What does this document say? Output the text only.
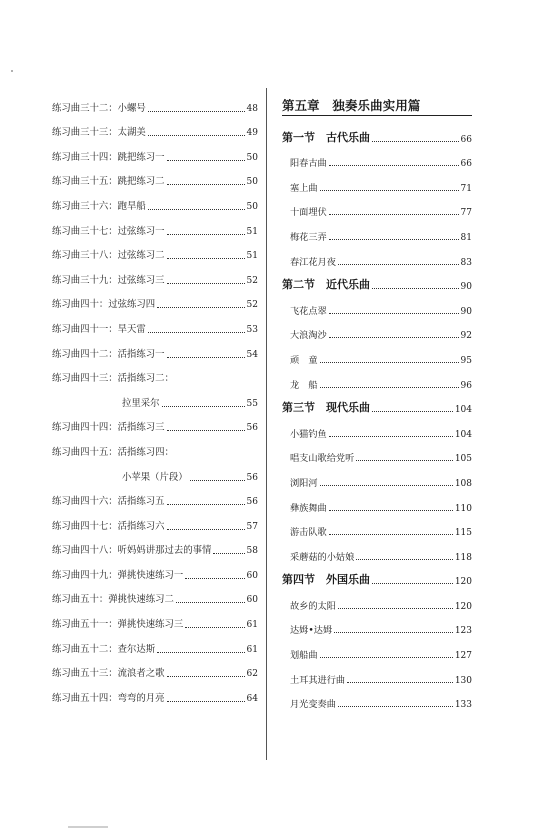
练习曲三十二： 小螺号	48
练习曲三十三： 太湖美	49
练习曲三十四： 跳把练习一	50
练习曲三十五： 跳把练习二	50
练习曲三十六： 跑旱船	50
练习曲三十七： 过弦练习一	51
练习曲三十八： 过弦练习二	51
练习曲三十九： 过弦练习三	52
练习曲四十： 过弦练习四	52
练习曲四十一： 旱天雷	53
练习曲四十二： 活指练习一	54
练习曲四十三： 活指练习二：
拉里采尔	55
练习曲四十四： 活指练习三	56
练习曲四十五： 活指练习四：
小苹果（片段）	56
练习曲四十六： 活指练习五	56
练习曲四十七： 活指练习六	57
练习曲四十八： 听妈妈讲那过去的事情	58
练习曲四十九： 弹挑快速练习一	60
练习曲五十： 弹挑快速练习二	60
练习曲五十一： 弹挑快速练习三	61
练习曲五十二： 查尔达斯	61
练习曲五十三： 流浪者之歌	62
练习曲五十四： 弯弯的月亮	64
第五章　独奏乐曲实用篇
第一节　古代乐曲	66
阳春古曲	66
塞上曲	71
十面埋伏	77
梅花三弄	81
春江花月夜	83
第二节　近代乐曲	90
飞花点翠	90
大浪淘沙	92
顽　童	95
龙　船	96
第三节　现代乐曲	104
小猫钓鱼	104
唱支山歌给党听	105
浏阳河	108
彝族舞曲	110
游击队歌	115
采蘑菇的小姑娘	118
第四节　外国乐曲	120
故乡的太阳	120
达姆•达姆	123
划船曲	127
土耳其进行曲	130
月光变奏曲	133
